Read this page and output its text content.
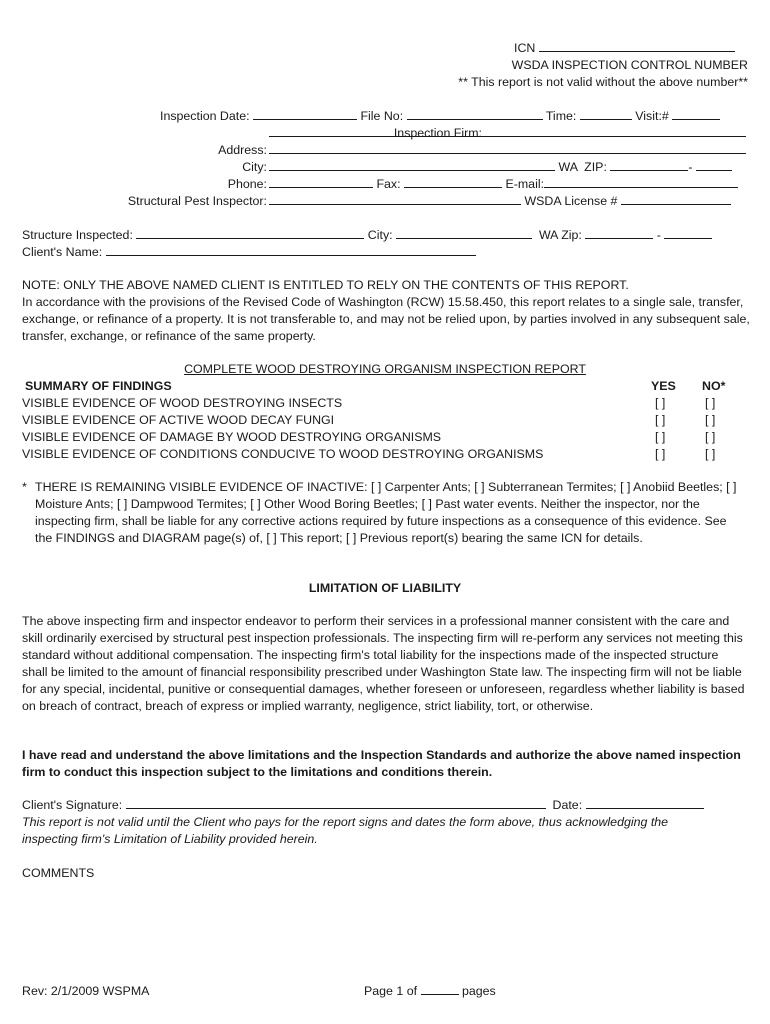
ICN
WSDA INSPECTION CONTROL NUMBER
** This report is not valid without the above number**
Inspection Date:	File No:	Time:	Visit:#
Inspection Firm:
Address:
City:	WA ZIP:	-
Phone:	Fax:	E-mail:
Structural Pest Inspector:	WSDA License #
Structure Inspected:	City:	WA Zip:	-
Client's Name:
NOTE: ONLY THE ABOVE NAMED CLIENT IS ENTITLED TO RELY ON THE CONTENTS OF THIS REPORT.
In accordance with the provisions of the Revised Code of Washington (RCW) 15.58.450, this report relates to a single sale, transfer, exchange, or refinance of a property. It is not transferable to, and may not be relied upon, by parties involved in any subsequent sale, transfer, exchange, or refinance of the same property.
COMPLETE WOOD DESTROYING ORGANISM INSPECTION REPORT
SUMMARY OF FINDINGS	YES NO*
VISIBLE EVIDENCE OF WOOD DESTROYING INSECTS	[ ]	[ ]
VISIBLE EVIDENCE OF ACTIVE WOOD DECAY FUNGI	[ ]	[ ]
VISIBLE EVIDENCE OF DAMAGE BY WOOD DESTROYING ORGANISMS	[ ]	[ ]
VISIBLE EVIDENCE OF CONDITIONS CONDUCIVE TO WOOD DESTROYING ORGANISMS	[ ]	[ ]
* THERE IS REMAINING VISIBLE EVIDENCE OF INACTIVE: [ ] Carpenter Ants; [ ] Subterranean Termites; [ ] Anobiid Beetles; [ ] Moisture Ants; [ ] Dampwood Termites; [ ] Other Wood Boring Beetles; [ ] Past water events. Neither the inspector, nor the inspecting firm, shall be liable for any corrective actions required by future inspections as a consequence of this evidence. See the FINDINGS and DIAGRAM page(s) of, [ ] This report; [ ] Previous report(s) bearing the same ICN for details.
LIMITATION OF LIABILITY
The above inspecting firm and inspector endeavor to perform their services in a professional manner consistent with the care and skill ordinarily exercised by structural pest inspection professionals. The inspecting firm will re-perform any services not meeting this standard without additional compensation. The inspecting firm's total liability for the inspections made of the inspected structure shall be limited to the amount of financial responsibility prescribed under Washington State law. The inspecting firm will not be liable for any special, incidental, punitive or consequential damages, whether foreseen or unforeseen, regardless whether liability is based on breach of contract, breach of express or implied warranty, negligence, strict liability, tort, or otherwise.
I have read and understand the above limitations and the Inspection Standards and authorize the above named inspection firm to conduct this inspection subject to the limitations and conditions therein.
Client's Signature:	Date:
This report is not valid until the Client who pays for the report signs and dates the form above, thus acknowledging the inspecting firm's Limitation of Liability provided herein.
COMMENTS
Rev: 2/1/2009 WSPMA	Page 1 of	pages
